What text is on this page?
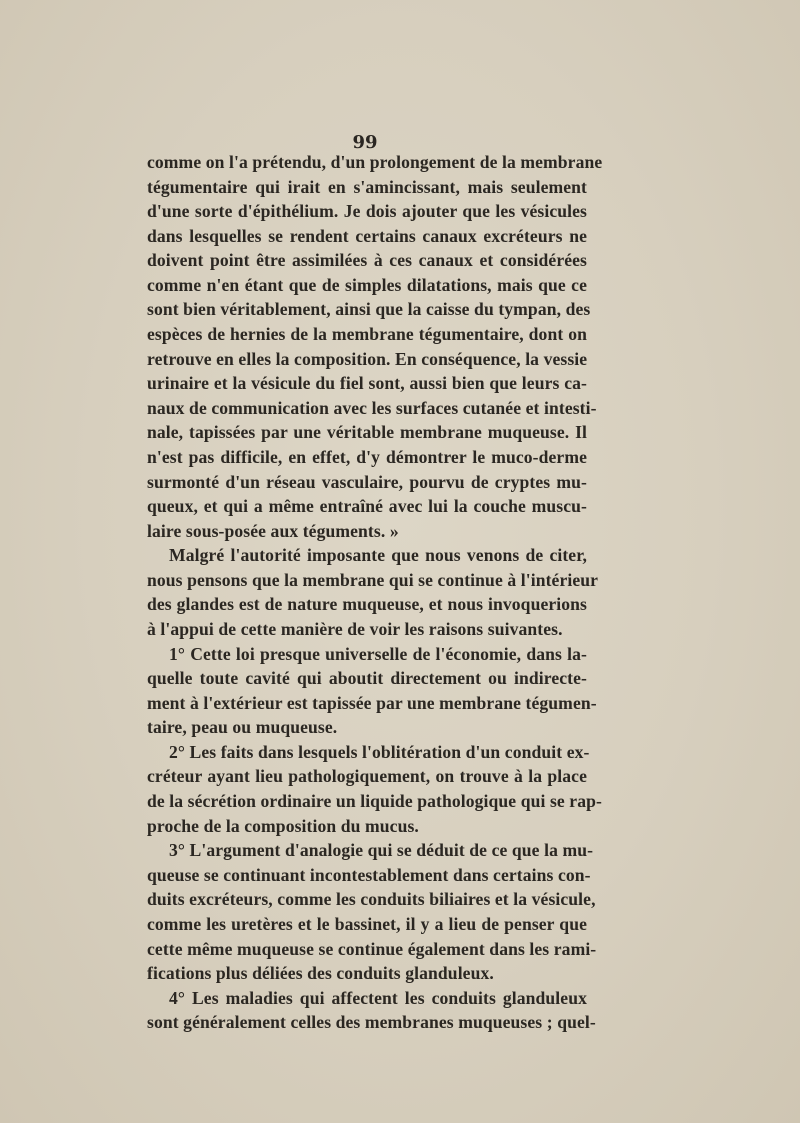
99
comme on l'a prétendu, d'un prolongement de la membrane
tégumentaire qui irait en s'amincissant, mais seulement
d'une sorte d'épithélium. Je dois ajouter que les vésicules
dans lesquelles se rendent certains canaux excréteurs ne
doivent point être assimilées à ces canaux et considérées
comme n'en étant que de simples dilatations, mais que ce
sont bien véritablement, ainsi que la caisse du tympan, des
espèces de hernies de la membrane tégumentaire, dont on
retrouve en elles la composition. En conséquence, la vessie
urinaire et la vésicule du fiel sont, aussi bien que leurs ca-
naux de communication avec les surfaces cutanée et intesti-
nale, tapissées par une véritable membrane muqueuse. Il
n'est pas difficile, en effet, d'y démontrer le muco-derme
surmonté d'un réseau vasculaire, pourvu de cryptes mu-
queux, et qui a même entraîné avec lui la couche muscu-
laire sous-posée aux téguments. »
Malgré l'autorité imposante que nous venons de citer,
nous pensons que la membrane qui se continue à l'intérieur
des glandes est de nature muqueuse, et nous invoquerions
à l'appui de cette manière de voir les raisons suivantes.
1° Cette loi presque universelle de l'économie, dans la-
quelle toute cavité qui aboutit directement ou indirecte-
ment à l'extérieur est tapissée par une membrane tégumen-
taire, peau ou muqueuse.
2° Les faits dans lesquels l'oblitération d'un conduit ex-
créteur ayant lieu pathologiquement, on trouve à la place
de la sécrétion ordinaire un liquide pathologique qui se rap-
proche de la composition du mucus.
3° L'argument d'analogie qui se déduit de ce que la mu-
queuse se continuant incontestablement dans certains con-
duits excréteurs, comme les conduits biliaires et la vésicule,
comme les uretères et le bassinet, il y a lieu de penser que
cette même muqueuse se continue également dans les rami-
fications plus déliées des conduits glanduleux.
4° Les maladies qui affectent les conduits glanduleux
sont généralement celles des membranes muqueuses ; quel-
